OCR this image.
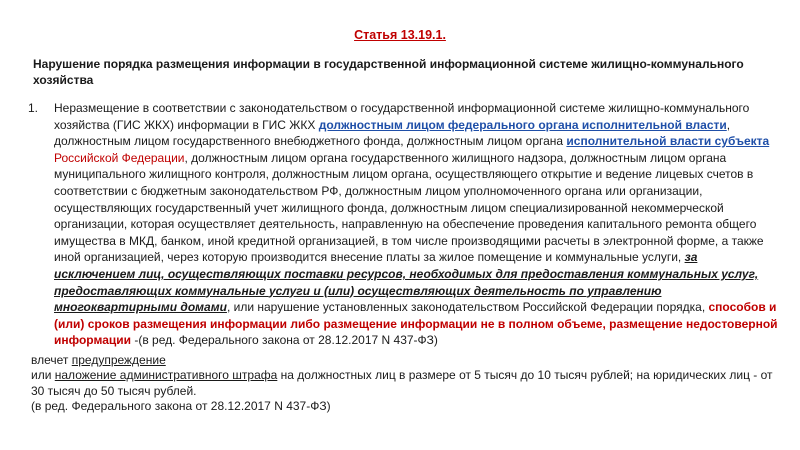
Статья 13.19.1.
Нарушение порядка размещения информации в государственной информационной системе жилищно-коммунального хозяйства
1. Неразмещение в соответствии с законодательством о государственной информационной системе жилищно-коммунального хозяйства (ГИС ЖКХ) информации в ГИС ЖКХ должностным лицом федерального органа исполнительной власти, должностным лицом государственного внебюджетного фонда, должностным лицом органа исполнительной власти субъекта Российской Федерации, должностным лицом органа государственного жилищного надзора, должностным лицом органа муниципального жилищного контроля, должностным лицом органа, осуществляющего открытие и ведение лицевых счетов в соответствии с бюджетным законодательством РФ, должностным лицом уполномоченного органа или организации, осуществляющих государственный учет жилищного фонда, должностным лицом специализированной некоммерческой организации, которая осуществляет деятельность, направленную на обеспечение проведения капитального ремонта общего имущества в МКД, банком, иной кредитной организацией, в том числе производящими расчеты в электронной форме, а также иной организацией, через которую производится внесение платы за жилое помещение и коммунальные услуги, за исключением лиц, осуществляющих поставки ресурсов, необходимых для предоставления коммунальных услуг, предоставляющих коммунальные услуги и (или) осуществляющих деятельность по управлению многоквартирными домами, или нарушение установленных законодательством Российской Федерации порядка, способов и (или) сроков размещения информации либо размещение информации не в полном объеме, размещение недостоверной информации -(в ред. Федерального закона от 28.12.2017 N 437-ФЗ)
влечет предупреждение
или наложение административного штрафа на должностных лиц в размере от 5 тысяч до 10 тысяч рублей; на юридических лиц - от 30 тысяч до 50 тысяч рублей.
(в ред. Федерального закона от 28.12.2017 N 437-ФЗ)
